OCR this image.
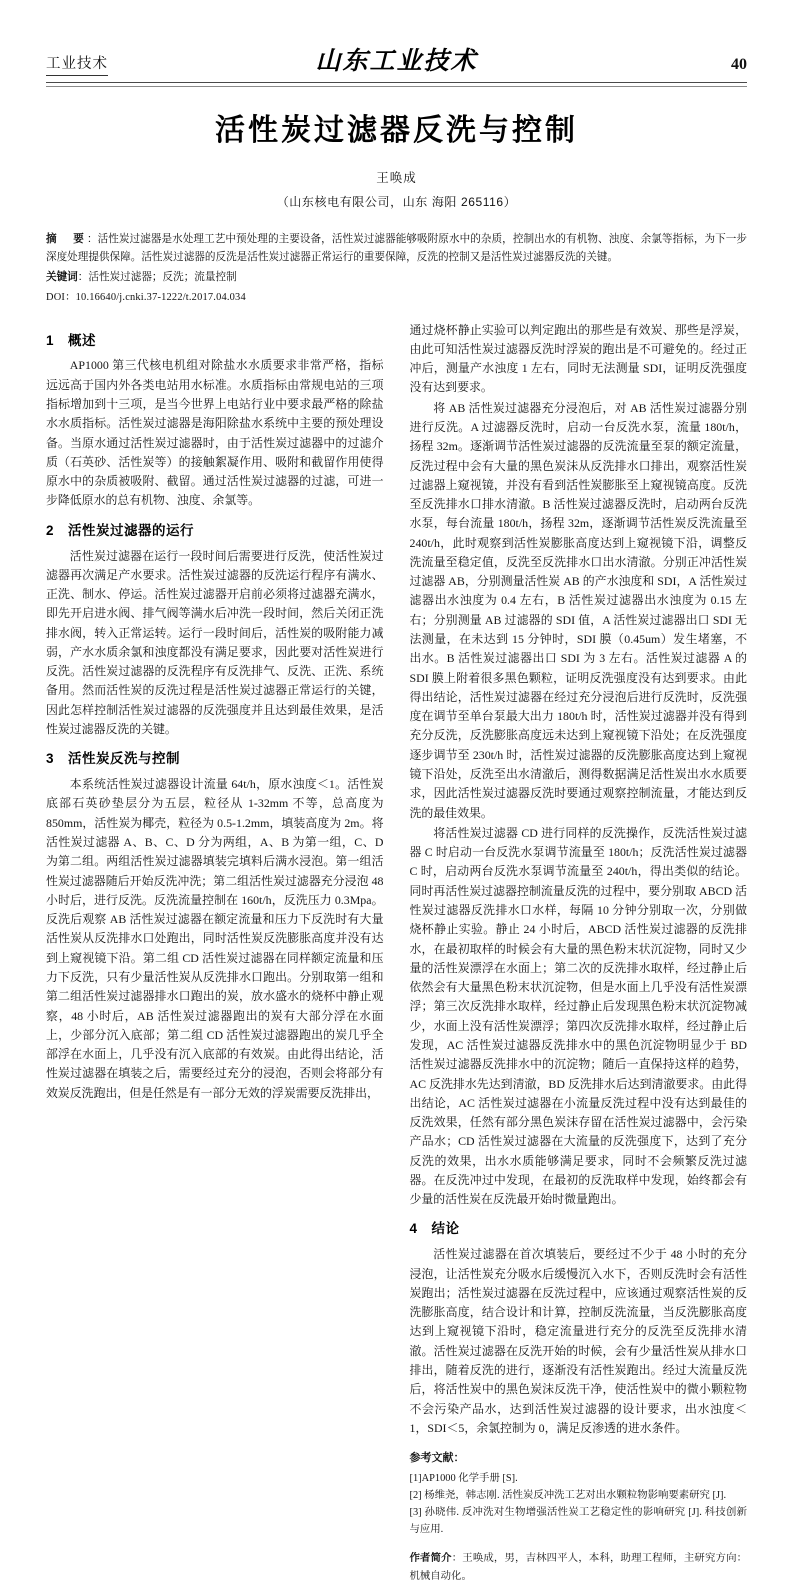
工业技术	山东工业技术	40
活性炭过滤器反洗与控制
王唤成
（山东核电有限公司，山东 海阳 265116）
摘　要：活性炭过滤器是水处理工艺中预处理的主要设备，活性炭过滤器能够吸附原水中的杂质，控制出水的有机物、浊度、余氯等指标，为下一步深度处理提供保障。活性炭过滤器的反洗是活性炭过滤器正常运行的重要保障，反洗的控制又是活性炭过滤器反洗的关键。
关键词：活性炭过滤器；反洗；流量控制
DOI：10.16640/j.cnki.37-1222/t.2017.04.034
1 概述

AP1000 第三代核电机组对除盐水水质要求非常严格，指标远远高于国内外各类电站用水标准。水质指标由常规电站的三项指标增加到十三项，是当今世界上电站行业中要求最严格的除盐水水质指标。活性炭过滤器是海阳除盐水系统中主要的预处理设备。当原水通过活性炭过滤器时，由于活性炭过滤器中的过滤介质（石英砂、活性炭等）的接触絮凝作用、吸附和截留作用使得原水中的杂质被吸附、截留。通过活性炭过滤器的过滤，可进一步降低原水的总有机物、浊度、余氯等。

2 活性炭过滤器的运行

活性炭过滤器在运行一段时间后需要进行反洗，使活性炭过滤器再次满足产水要求。活性炭过滤器的反洗运行程序有满水、正洗、制水、停运。活性炭过滤器开启前必须将过滤器充满水，即先开启进水阀、排气阀等满水后冲洗一段时间，然后关闭正洗排水阀，转入正常运转。运行一段时间后，活性炭的吸附能力减弱，产水水质余氯和浊度都没有满足要求，因此要对活性炭进行反洗。活性炭过滤器的反洗程序有反洗排气、反洗、正洗、系统备用。然而活性炭的反洗过程是活性炭过滤器正常运行的关键，因此怎样控制活性炭过滤器的反洗强度并且达到最佳效果，是活性炭过滤器反洗的关键。

3 活性炭反洗与控制

本系统活性炭过滤器设计流量 64t/h，原水浊度＜1。活性炭底部石英砂垫层分为五层，粒径从 1-32mm 不等，总高度为 850mm，活性炭为椰壳，粒径为 0.5-1.2mm，填装高度为 2m。将活性炭过滤器 A、B、C、D 分为两组，A、B 为第一组，C、D 为第二组。两组活性炭过滤器填装完填料后满水浸泡。第一组活性炭过滤器随后开始反洗冲洗；第二组活性炭过滤器充分浸泡 48 小时后，进行反洗。反洗流量控制在 160t/h，反洗压力 0.3Mpa。反洗后观察 AB 活性炭过滤器在额定流量和压力下反洗时有大量活性炭从反洗排水口处跑出，同时活性炭反洗膨胀高度并没有达到上窥视镜下沿。第二组 CD 活性炭过滤器在同样额定流量和压力下反洗，只有少量活性炭从反洗排水口跑出。分别取第一组和第二组活性炭过滤器排水口跑出的炭，放水盛水的烧杯中静止观察，48 小时后，AB 活性炭过滤器跑出的炭有大部分浮在水面上，少部分沉入底部；第二组 CD 活性炭过滤器跑出的炭几乎全部浮在水面上，几乎没有沉入底部的有效炭。由此得出结论，活性炭过滤器在填装之后，需要经过充分的浸泡，否则会将部分有效炭反洗跑出，但是任然是有一部分无效的浮炭需要反洗排出，

通过烧杯静止实验可以判定跑出的那些是有效炭、那些是浮炭，由此可知活性炭过滤器反洗时浮炭的跑出是不可避免的。经过正冲后，测量产水浊度 1 左右，同时无法测量 SDI，证明反洗强度没有达到要求。

将 AB 活性炭过滤器充分浸泡后，对 AB 活性炭过滤器分别进行反洗。A 过滤器反洗时，启动一台反洗水泵，流量 180t/h，扬程 32m。逐渐调节活性炭过滤器的反洗流量至泵的额定流量，反洗过程中会有大量的黑色炭沫从反洗排水口排出，观察活性炭过滤器上窥视镜，并没有看到活性炭膨胀至上窥视镜高度。反洗至反洗排水口排水清澈。B 活性炭过滤器反洗时，启动两台反洗水泵，每台流量 180t/h，扬程 32m，逐渐调节活性炭反洗流量至 240t/h，此时观察到活性炭膨胀高度达到上窥视镜下沿，调整反洗流量至稳定值，反洗至反洗排水口出水清澈。分别正冲活性炭过滤器 AB，分别测量活性炭 AB 的产水浊度和 SDI，A 活性炭过滤器出水浊度为 0.4 左右，B 活性炭过滤器出水浊度为 0.15 左右；分别测量 AB 过滤器的 SDI 值，A 活性炭过滤器出口 SDI 无法测量，在未达到 15 分钟时，SDI 膜（0.45um）发生堵塞，不出水。B 活性炭过滤器出口 SDI 为 3 左右。活性炭过滤器 A 的 SDI 膜上附着很多黑色颗粒，证明反洗强度没有达到要求。由此得出结论，活性炭过滤器在经过充分浸泡后进行反洗时，反洗强度在调节至单台泵最大出力 180t/h 时，活性炭过滤器并没有得到充分反洗，反洗膨胀高度远未达到上窥视镜下沿处；在反洗强度逐步调节至 230t/h 时，活性炭过滤器的反洗膨胀高度达到上窥视镜下沿处，反洗至出水清澈后，测得数据满足活性炭出水水质要求，因此活性炭过滤器反洗时要通过观察控制流量，才能达到反洗的最佳效果。

将活性炭过滤器 CD 进行同样的反洗操作，反洗活性炭过滤器 C 时启动一台反洗水泵调节流量至 180t/h；反洗活性炭过滤器 C 时，启动两台反洗水泵调节流量至 240t/h，得出类似的结论。同时再活性炭过滤器控制流量反洗的过程中，要分别取 ABCD 活性炭过滤器反洗排水口水样，每隔 10 分钟分别取一次，分别做烧杯静止实验。静止 24 小时后，ABCD 活性炭过滤器的反洗排水，在最初取样的时候会有大量的黑色粉末状沉淀物，同时又少量的活性炭漂浮在水面上；第二次的反洗排水取样，经过静止后依然会有大量黑色粉末状沉淀物，但是水面上几乎没有活性炭漂浮；第三次反洗排水取样，经过静止后发现黑色粉末状沉淀物减少，水面上没有活性炭漂浮；第四次反洗排水取样，经过静止后发现，AC 活性炭过滤器反洗排水中的黑色沉淀物明显少于 BD 活性炭过滤器反洗排水中的沉淀物；随后一直保持这样的趋势，AC 反洗排水先达到清澈，BD 反洗排水后达到清澈要求。由此得出结论，AC 活性炭过滤器在小流量反洗过程中没有达到最佳的反洗效果，任然有部分黑色炭沫存留在活性炭过滤器中，会污染产品水；CD 活性炭过滤器在大流量的反洗强度下，达到了充分反洗的效果，出水水质能够满足要求，同时不会频繁反洗过滤器。在反洗冲过中发现，在最初的反洗取样中发现，始终都会有少量的活性炭在反洗最开始时微量跑出。

4 结论

活性炭过滤器在首次填装后，要经过不少于 48 小时的充分浸泡，让活性炭充分吸水后缓慢沉入水下，否则反洗时会有活性炭跑出；活性炭过滤器在反洗过程中，应该通过观察活性炭的反洗膨胀高度，结合设计和计算，控制反洗流量，当反洗膨胀高度达到上窥视镜下沿时，稳定流量进行充分的反洗至反洗排水清澈。活性炭过滤器在反洗开始的时候，会有少量活性炭从排水口排出，随着反洗的进行，逐渐没有活性炭跑出。经过大流量反洗后，将活性炭中的黑色炭沫反洗干净，使活性炭中的微小颗粒物不会污染产品水，达到活性炭过滤器的设计要求，出水浊度＜1，SDI＜5，余氯控制为 0，满足反渗透的进水条件。

参考文献：
[1]AP1000 化学手册 [S].
[2] 杨维尧，韩志刚. 活性炭反冲洗工艺对出水颗粒物影响要素研究 [J].
[3] 孙晓伟. 反冲洗对生物增强活性炭工艺稳定性的影响研究 [J]. 科技创新与应用.
作者简介：王唤成，男，吉林四平人，本科，助理工程师，主研究方向：机械自动化。
